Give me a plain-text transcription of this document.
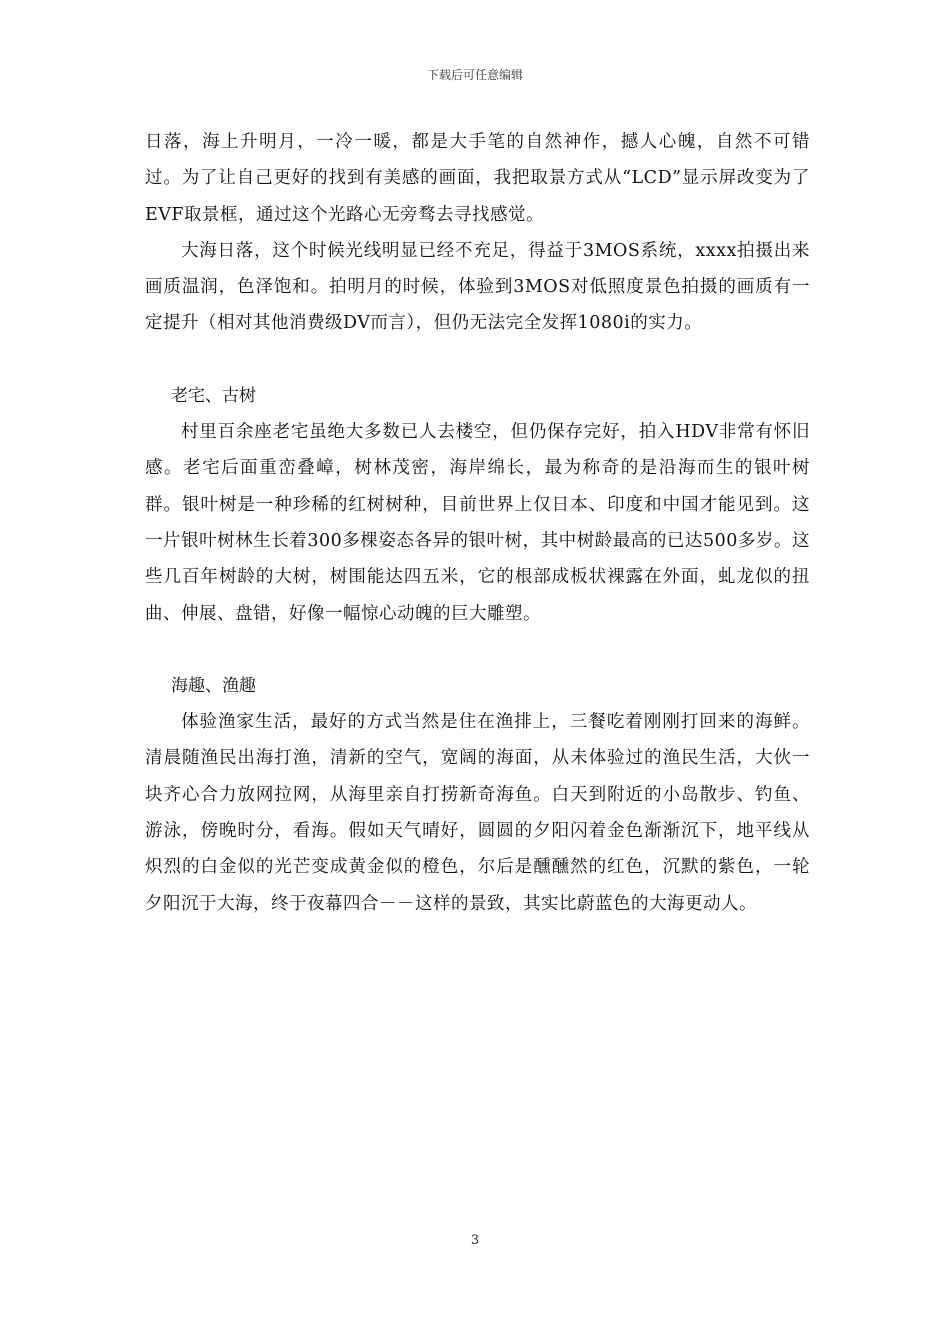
下载后可任意编辑

日落，海上升明月，一冷一暖，都是大手笔的自然神作，撼人心魄，自然不可错过。为了让自己更好的找到有美感的画面，我把取景方式从“LCD”显示屏改变为了EVF取景框，通过这个光路心无旁骛去寻找感觉。

大海日落，这个时候光线明显已经不充足，得益于3MOS系统，xxxx拍摄出来画质温润，色泽饱和。拍明月的时候，体验到3MOS对低照度景色拍摄的画质有一定提升（相对其他消费级DV而言），但仍无法完全发挥1080i的实力。

老宅、古树

村里百余座老宅虽绝大多数已人去楼空，但仍保存完好，拍入HDV非常有怀旧感。老宅后面重峦叠嶂，树林茂密，海岸绵长，最为称奇的是沿海而生的银叶树群。银叶树是一种珍稀的红树树种，目前世界上仅日本、印度和中国才能见到。这一片银叶树林生长着300多棵姿态各异的银叶树，其中树龄最高的已达500多岁。这些几百年树龄的大树，树围能达四五米，它的根部成板状裸露在外面，虬龙似的扭曲、伸展、盘错，好像一幅惊心动魄的巨大雕塑。

海趣、渔趣

体验渔家生活，最好的方式当然是住在渔排上，三餐吃着刚刚打回来的海鲜。清晨随渔民出海打渔，清新的空气，宽阔的海面，从未体验过的渔民生活，大伙一块齐心合力放网拉网，从海里亲自打捞新奇海鱼。白天到附近的小岛散步、钓鱼、游泳，傍晚时分，看海。假如天气晴好，圆圆的夕阳闪着金色渐渐沉下，地平线从炽烈的白金似的光芒变成黄金似的橙色，尔后是醺醺然的红色，沉默的紫色，一轮夕阳沉于大海，终于夜幕四合－－这样的景致，其实比蔚蓝色的大海更动人。

3
